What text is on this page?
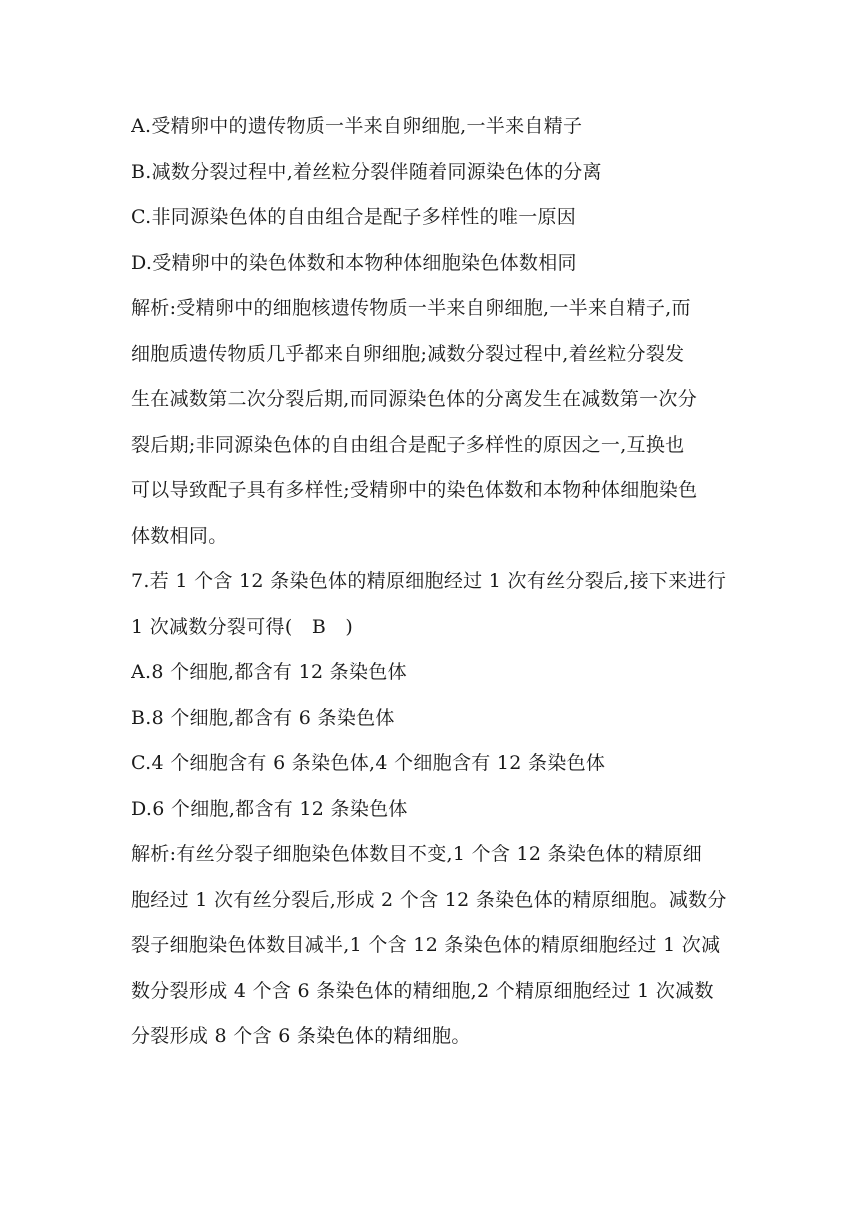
A.受精卵中的遗传物质一半来自卵细胞,一半来自精子
B.减数分裂过程中,着丝粒分裂伴随着同源染色体的分离
C.非同源染色体的自由组合是配子多样性的唯一原因
D.受精卵中的染色体数和本物种体细胞染色体数相同
解析:受精卵中的细胞核遗传物质一半来自卵细胞,一半来自精子,而
细胞质遗传物质几乎都来自卵细胞;减数分裂过程中,着丝粒分裂发
生在减数第二次分裂后期,而同源染色体的分离发生在减数第一次分
裂后期;非同源染色体的自由组合是配子多样性的原因之一,互换也
可以导致配子具有多样性;受精卵中的染色体数和本物种体细胞染色
体数相同。
7.若 1 个含 12 条染色体的精原细胞经过 1 次有丝分裂后,接下来进行
1 次减数分裂可得(　B　)
A.8 个细胞,都含有 12 条染色体
B.8 个细胞,都含有 6 条染色体
C.4 个细胞含有 6 条染色体,4 个细胞含有 12 条染色体
D.6 个细胞,都含有 12 条染色体
解析:有丝分裂子细胞染色体数目不变,1 个含 12 条染色体的精原细
胞经过 1 次有丝分裂后,形成 2 个含 12 条染色体的精原细胞。减数分
裂子细胞染色体数目减半,1 个含 12 条染色体的精原细胞经过 1 次减
数分裂形成 4 个含 6 条染色体的精细胞,2 个精原细胞经过 1 次减数
分裂形成 8 个含 6 条染色体的精细胞。
